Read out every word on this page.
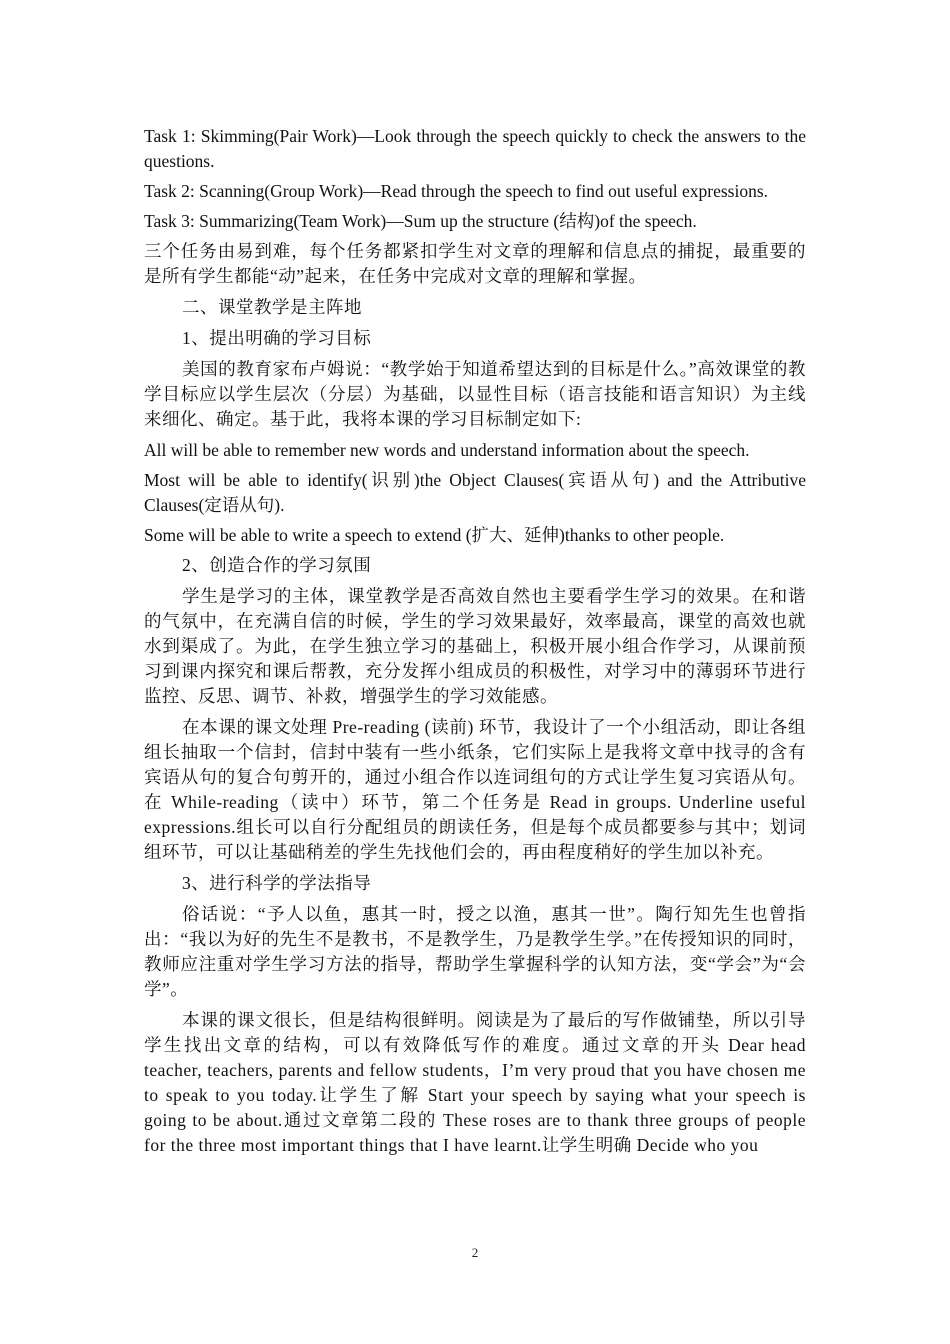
Task 1: Skimming(Pair Work)—Look through the speech quickly to check the answers to the questions.

Task 2: Scanning(Group Work)—Read through the speech to find out useful expressions.

Task 3: Summarizing(Team Work)—Sum up the structure (结构)of the speech.

三个任务由易到难，每个任务都紧扣学生对文章的理解和信息点的捕捉，最重要的是所有学生都能“动”起来，在任务中完成对文章的理解和掌握。

二、课堂教学是主阵地

1、提出明确的学习目标

美国的教育家布卢姆说：“教学始于知道希望达到的目标是什么。”高效课堂的教学目标应以学生层次（分层）为基础，以显性目标（语言技能和语言知识）为主线来细化、确定。基于此，我将本课的学习目标制定如下:

All will be able to remember new words and understand information about the speech.

Most will be able to identify(识别)the Object Clauses(宾语从句) and the Attributive Clauses(定语从句).

Some will be able to write a speech to extend (扩大、延伸)thanks to other people.

2、创造合作的学习氛围

学生是学习的主体，课堂教学是否高效自然也主要看学生学习的效果。在和谐的气氛中，在充满自信的时候，学生的学习效果最好，效率最高，课堂的高效也就水到渠成了。为此，在学生独立学习的基础上，积极开展小组合作学习，从课前预习到课内探究和课后帮教，充分发挥小组成员的积极性，对学习中的薄弱环节进行监控、反思、调节、补救，增强学生的学习效能感。

在本课的课文处理 Pre-reading (读前) 环节，我设计了一个小组活动，即让各组组长抽取一个信封，信封中装有一些小纸条，它们实际上是我将文章中找寻的含有宾语从句的复合句剪开的，通过小组合作以连词组句的方式让学生复习宾语从句。在 While-reading（读中）环节，第二个任务是 Read in groups. Underline useful expressions.组长可以自行分配组员的朗读任务，但是每个成员都要参与其中；划词组环节，可以让基础稍差的学生先找他们会的，再由程度稍好的学生加以补充。

3、进行科学的学法指导

俗话说：“予人以鱼，惠其一时，授之以渔，惠其一世”。陶行知先生也曾指出：“我以为好的先生不是教书，不是教学生，乃是教学生学。”在传授知识的同时，教师应注重对学生学习方法的指导，帮助学生掌握科学的认知方法，变“学会”为“会学”。

本课的课文很长，但是结构很鲜明。阅读是为了最后的写作做铺垫，所以引导学生找出文章的结构，可以有效降低写作的难度。通过文章的开头 Dear head teacher, teachers, parents and fellow students，I’m very proud that you have chosen me to speak to you today.让学生了解 Start your speech by saying what your speech is going to be about.通过文章第二段的 These roses are to thank three groups of people for the three most important things that I have learnt.让学生明确 Decide who you

2
